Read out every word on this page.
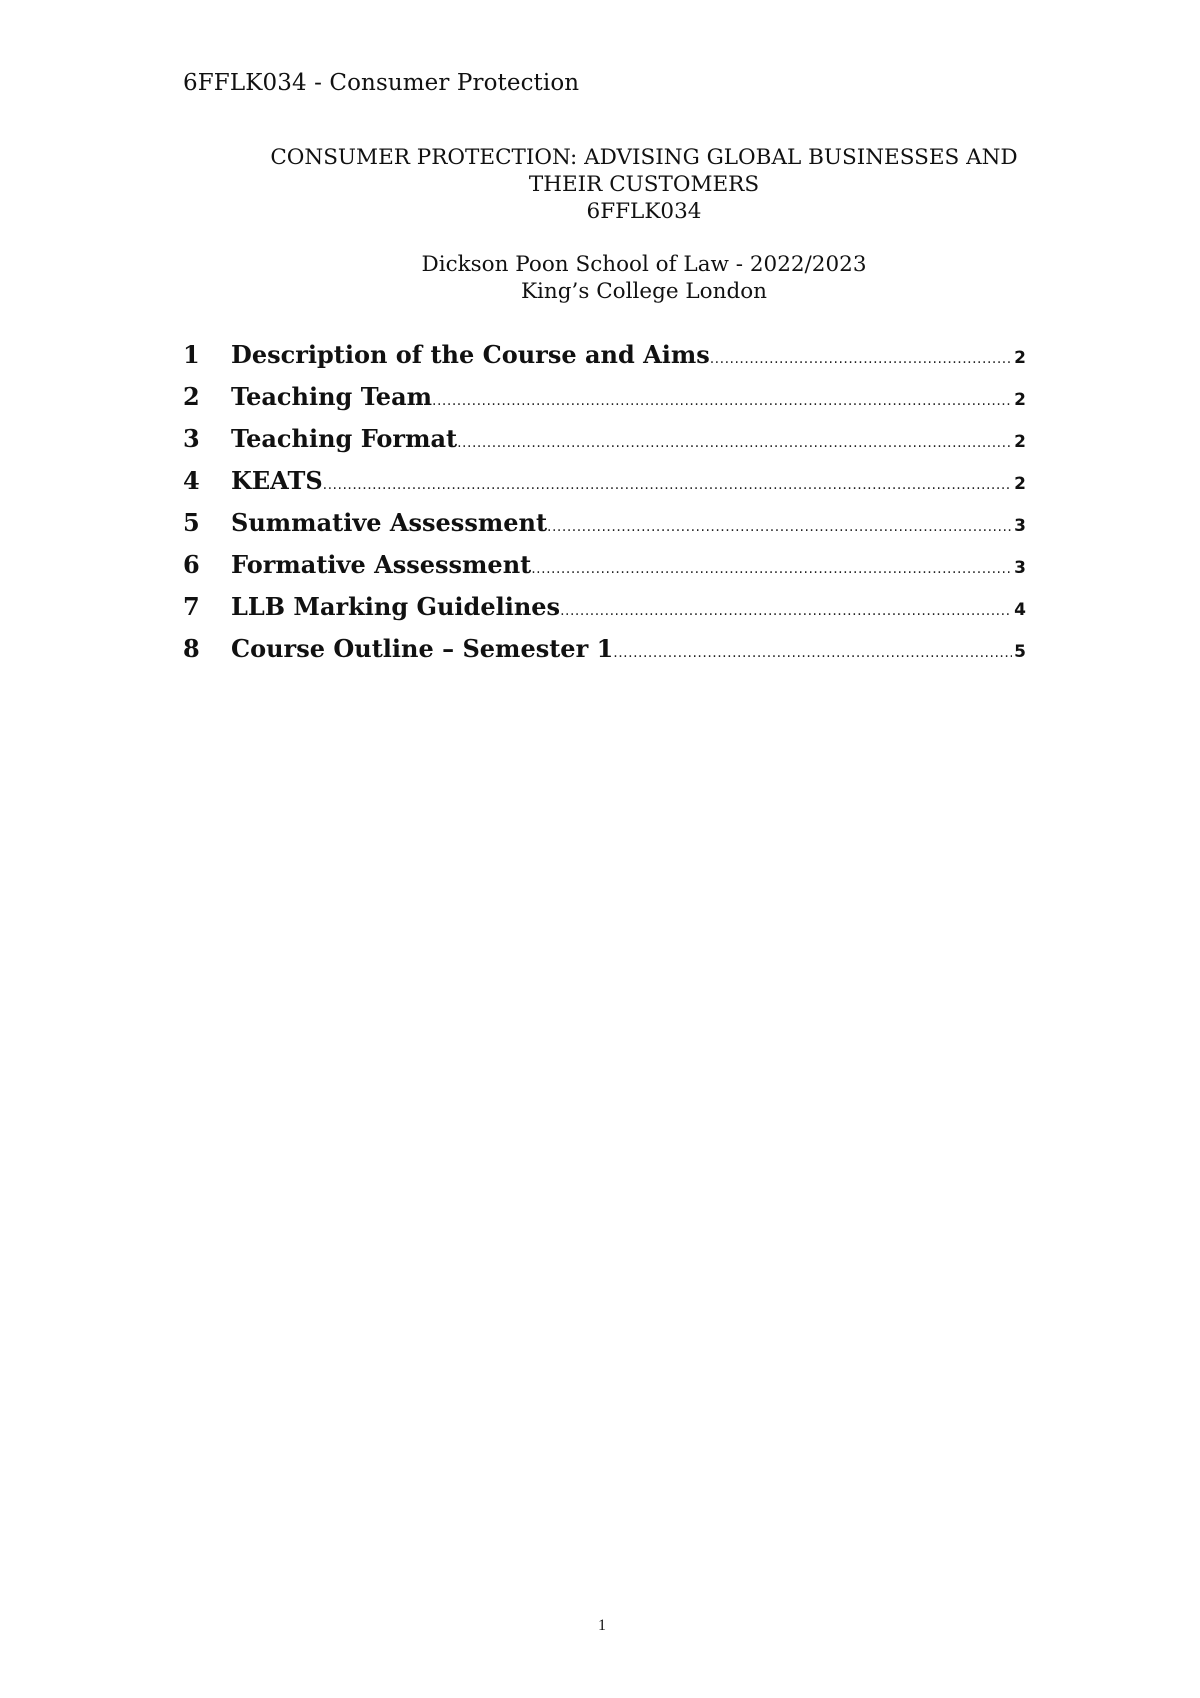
6FFLK034 - Consumer Protection
CONSUMER PROTECTION: ADVISING GLOBAL BUSINESSES AND
THEIR CUSTOMERS
6FFLK034
Dickson Poon School of Law - 2022/2023
King’s College London
1	Description of the Course and Aims .....	2
2	Teaching Team .....	2
3	Teaching Format .....	2
4	KEATS .....	2
5	Summative Assessment .....	3
6	Formative Assessment .....	3
7	LLB Marking Guidelines .....	4
8	Course Outline – Semester 1 .....	5
1
